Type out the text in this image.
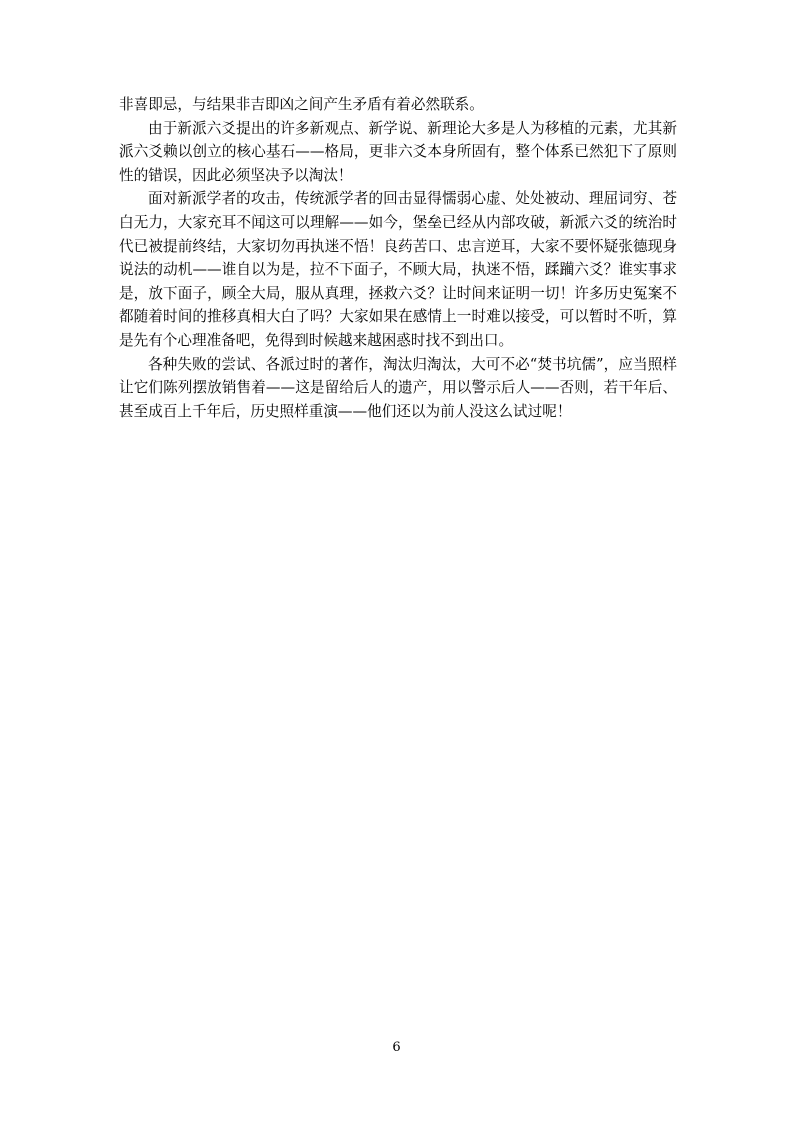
非喜即忌，与结果非吉即凶之间产生矛盾有着必然联系。

由于新派六爻提出的许多新观点、新学说、新理论大多是人为移植的元素，尤其新派六爻赖以创立的核心基石——格局，更非六爻本身所固有，整个体系已然犯下了原则性的错误，因此必须坚决予以淘汰！

面对新派学者的攻击，传统派学者的回击显得懦弱心虚、处处被动、理屈词穷、苍白无力，大家充耳不闻这可以理解——如今，堡垒已经从内部攻破，新派六爻的统治时代已被提前终结，大家切勿再执迷不悟！良药苦口、忠言逆耳，大家不要怀疑张德现身说法的动机——谁自以为是，拉不下面子，不顾大局，执迷不悟，蹂躏六爻？谁实事求是，放下面子，顾全大局，服从真理，拯救六爻？让时间来证明一切！许多历史冤案不都随着时间的推移真相大白了吗？大家如果在感情上一时难以接受，可以暂时不听，算是先有个心理准备吧，免得到时候越来越困惑时找不到出口。

各种失败的尝试、各派过时的著作，淘汰归淘汰，大可不必“焚书坑儒”，应当照样让它们陈列摆放销售着——这是留给后人的遗产，用以警示后人——否则，若干年后、甚至成百上千年后，历史照样重演——他们还以为前人没这么试过呢！

6
